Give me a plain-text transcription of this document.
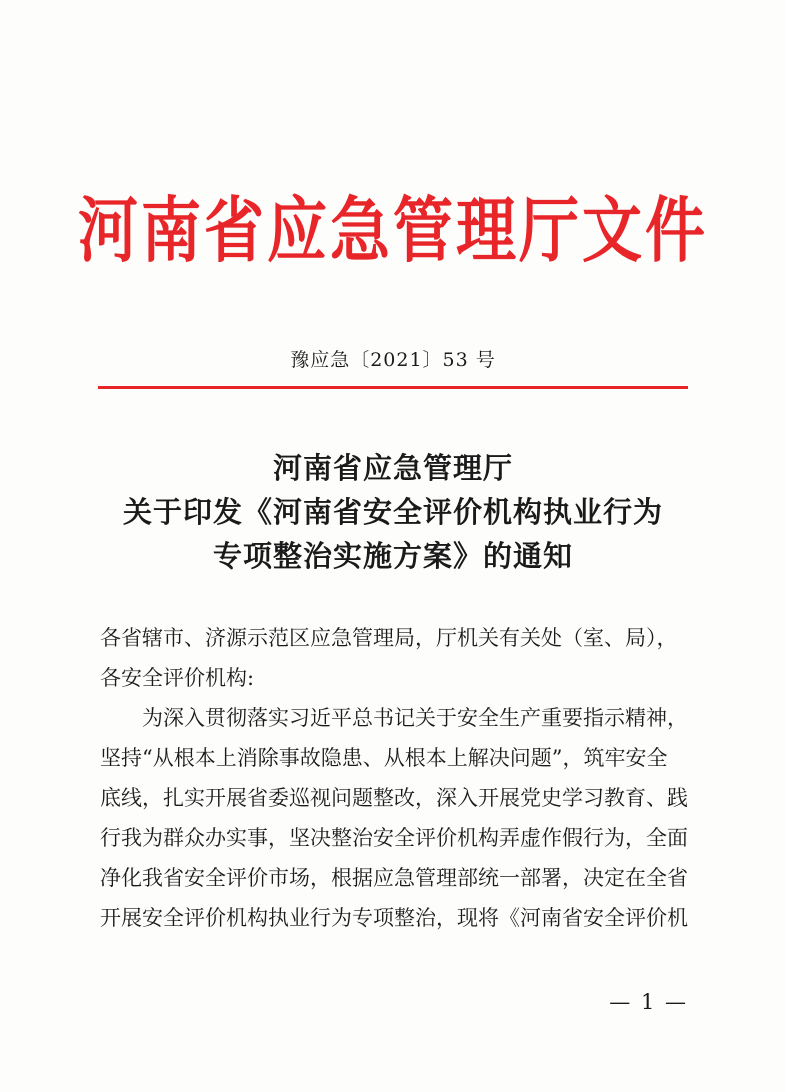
河南省应急管理厅文件
豫应急〔2021〕53 号
河南省应急管理厅
关于印发《河南省安全评价机构执业行为
专项整治实施方案》的通知
各省辖市、济源示范区应急管理局，厅机关有关处（室、局），
各安全评价机构:
为深入贯彻落实习近平总书记关于安全生产重要指示精神，
坚持“从根本上消除事故隐患、从根本上解决问题”，筑牢安全
底线，扎实开展省委巡视问题整改，深入开展党史学习教育、践
行我为群众办实事，坚决整治安全评价机构弄虚作假行为，全面
净化我省安全评价市场，根据应急管理部统一部署，决定在全省
开展安全评价机构执业行为专项整治，现将《河南省安全评价机
— 1 —
